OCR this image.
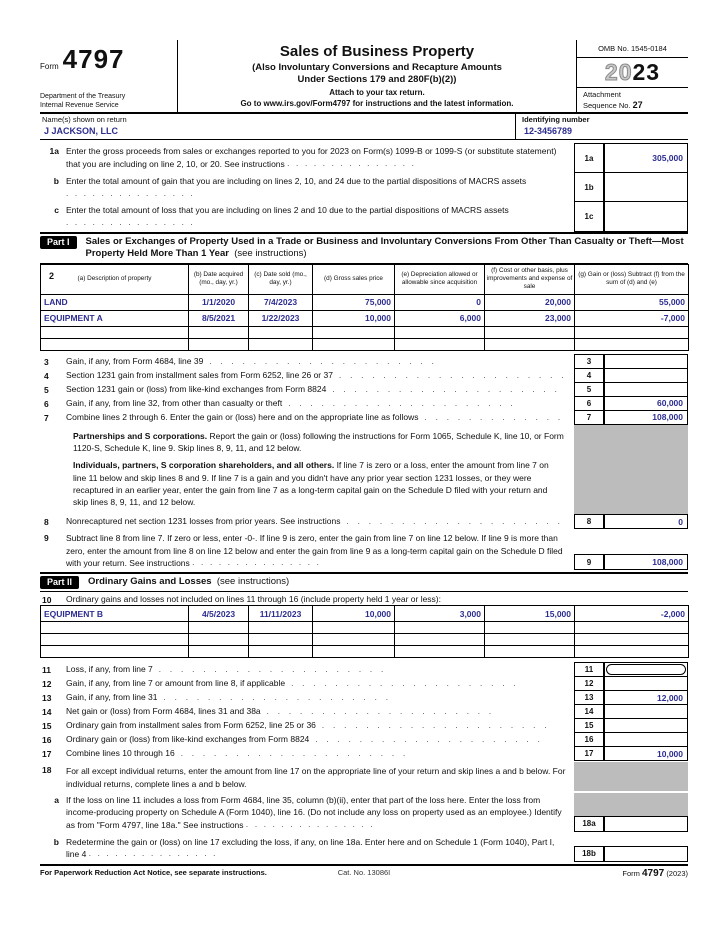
Form 4797
Department of the Treasury
Internal Revenue Service
Sales of Business Property
(Also Involuntary Conversions and Recapture Amounts
Under Sections 179 and 280F(b)(2))
Attach to your tax return.
Go to www.irs.gov/Form4797 for instructions and the latest information.
OMB No. 1545-0184
2023
Attachment
Sequence No. 27
Name(s) shown on return
J JACKSON, LLC
Identifying number
12-3456789
1a Enter the gross proceeds from sales or exchanges reported to you for 2023 on Form(s) 1099-B or 1099-S (or substitute statement) that you are including on line 2, 10, or 20. See instructions .   .
1a	305,000
b Enter the total amount of gain that you are including on lines 2, 10, and 24 due to the partial dispositions of MACRS assets .   .
1b
c Enter the total amount of loss that you are including on lines 2 and 10 due to the partial dispositions of MACRS assets .   .
1c
Part I	Sales or Exchanges of Property Used in a Trade or Business and Involuntary Conversions From Other Than Casualty or Theft—Most Property Held More Than 1 Year (see instructions)
2 (a) Description of property	(b) Date acquired (mo., day, yr.)	(c) Date sold (mo., day, yr.)	(d) Gross sales price	(e) Depreciation allowed or allowable since acquisition	(f) Cost or other basis, plus improvements and expense of sale	(g) Gain or (loss) Subtract (f) from the sum of (d) and (e)
LAND	1/1/2020	7/4/2023	75,000	0	20,000	55,000
EQUIPMENT A	8/5/2021	1/22/2023	10,000	6,000	23,000	-7,000

3	Gain, if any, from Form 4684, line 39 .	3
4	Section 1231 gain from installment sales from Form 6252, line 26 or 37 .	4
5	Section 1231 gain or (loss) from like-kind exchanges from Form 8824 .	5
6	Gain, if any, from line 32, from other than casualty or theft .	6	60,000
7	Combine lines 2 through 6. Enter the gain or (loss) here and on the appropriate line as follows .	7	108,000
Partnerships and S corporations. Report the gain or (loss) following the instructions for Form 1065, Schedule K, line 10, or Form 1120-S, Schedule K, line 9. Skip lines 8, 9, 11, and 12 below.
Individuals, partners, S corporation shareholders, and all others. If line 7 is zero or a loss, enter the amount from line 7 on line 11 below and skip lines 8 and 9. If line 7 is a gain and you didn't have any prior year section 1231 losses, or they were recaptured in an earlier year, enter the gain from line 7 as a long-term capital gain on the Schedule D filed with your return and skip lines 8, 9, 11, and 12 below.
8	Nonrecaptured net section 1231 losses from prior years. See instructions .	8	0
9	Subtract line 8 from line 7. If zero or less, enter -0-. If line 9 is zero, enter the gain from line 7 on line 12 below. If line 9 is more than zero, enter the amount from line 8 on line 12 below and enter the gain from line 9 as a long-term capital gain on the Schedule D filed with your return. See instructions .   .	9	108,000
Part II	Ordinary Gains and Losses (see instructions)
10	Ordinary gains and losses not included on lines 11 through 16 (include property held 1 year or less):
EQUIPMENT B	4/5/2023	11/11/2023	10,000	3,000	15,000	-2,000

11	Loss, if any, from line 7 .	11
12	Gain, if any, from line 7 or amount from line 8, if applicable .	12
13	Gain, if any, from line 31 .	13	12,000
14	Net gain or (loss) from Form 4684, lines 31 and 38a .	14
15	Ordinary gain from installment sales from Form 6252, line 25 or 36 .	15
16	Ordinary gain or (loss) from like-kind exchanges from Form 8824 .	16
17	Combine lines 10 through 16 .	17	10,000
18	For all except individual returns, enter the amount from line 17 on the appropriate line of your return and skip lines a and b below. For individual returns, complete lines a and b below.
a If the loss on line 11 includes a loss from Form 4684, line 35, column (b)(ii), enter that part of the loss here. Enter the loss from income-producing property on Schedule A (Form 1040), line 16. (Do not include any loss on property used as an employee.) Identify as from "Form 4797, line 18a." See instructions .   .	18a
b Redetermine the gain or (loss) on line 17 excluding the loss, if any, on line 18a. Enter here and on Schedule 1 (Form 1040), Part I, line 4 .   .	18b
For Paperwork Reduction Act Notice, see separate instructions.	Cat. No. 13086I	Form 4797 (2023)
